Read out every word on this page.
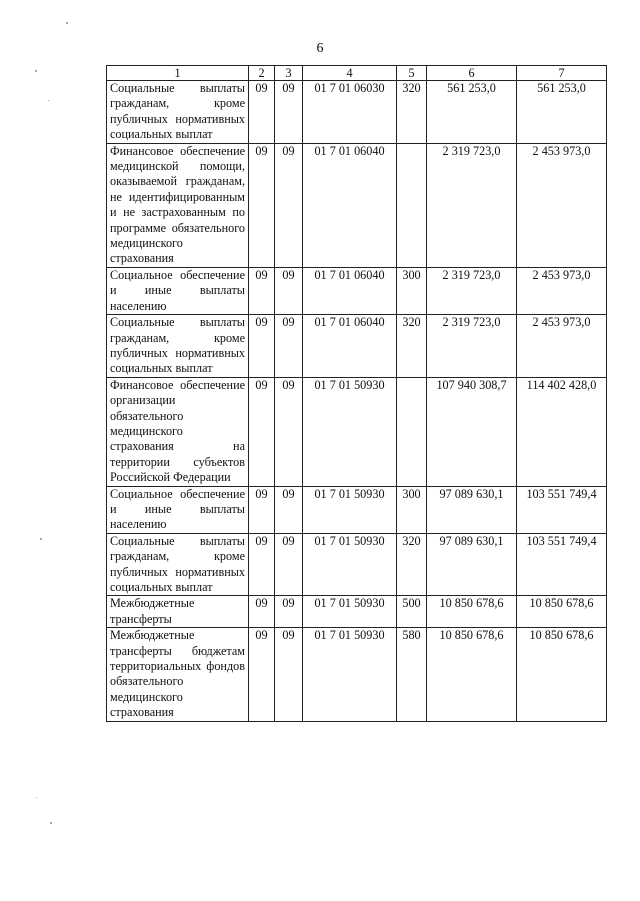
6
1	2	3	4	5	6	7
Социальные выплаты гражданам, кроме публичных нормативных социальных выплат	09	09	01 7 01 06030	320	561 253,0	561 253,0
Финансовое обеспечение медицинской помощи, оказываемой гражданам, не идентифицированным и не застрахованным по программе обязательного медицинского страхования	09	09	01 7 01 06040		2 319 723,0	2 453 973,0
Социальное обеспечение и иные выплаты населению	09	09	01 7 01 06040	300	2 319 723,0	2 453 973,0
Социальные выплаты гражданам, кроме публичных нормативных социальных выплат	09	09	01 7 01 06040	320	2 319 723,0	2 453 973,0
Финансовое обеспечение организации обязательного медицинского страхования на территории субъектов Российской Федерации	09	09	01 7 01 50930		107 940 308,7	114 402 428,0
Социальное обеспечение и иные выплаты населению	09	09	01 7 01 50930	300	97 089 630,1	103 551 749,4
Социальные выплаты гражданам, кроме публичных нормативных социальных выплат	09	09	01 7 01 50930	320	97 089 630,1	103 551 749,4
Межбюджетные трансферты	09	09	01 7 01 50930	500	10 850 678,6	10 850 678,6
Межбюджетные трансферты бюджетам территориальных фондов обязательного медицинского страхования	09	09	01 7 01 50930	580	10 850 678,6	10 850 678,6
